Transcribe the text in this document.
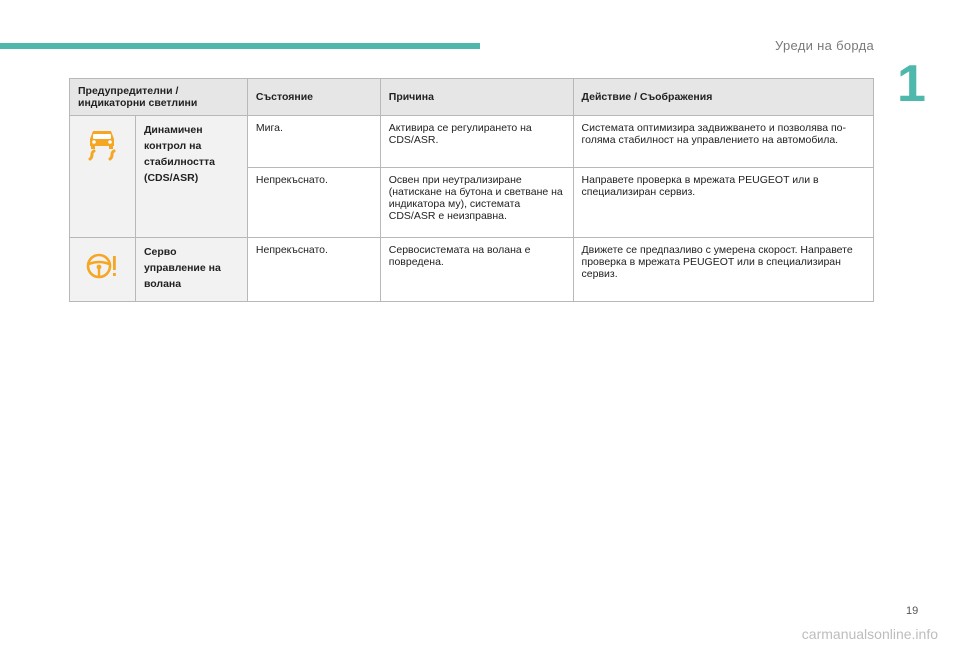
Уреди на борда
1
Предупредителни / индикаторни светлини		Състояние	Причина	Действие / Съображения
	Динамичен контрол на стабилността (CDS/ASR)	Мига.	Активира се регулирането на CDS/ASR.	Системата оптимизира задвижването и позволява по-голяма стабилност на управлението на автомобила.
		Непрекъснато.	Освен при неутрализиране (натискане на бутона и светване на индикатора му), системата CDS/ASR е неизправна.	Направете проверка в мрежата PEUGEOT или в специализиран сервиз.
	Серво управление на волана	Непрекъснато.	Сервосистемата на волана е повредена.	Движете се предпазливо с умерена скорост. Направете проверка в мрежата PEUGEOT или в специализиран сервиз.
19
carmanualsonline.info
